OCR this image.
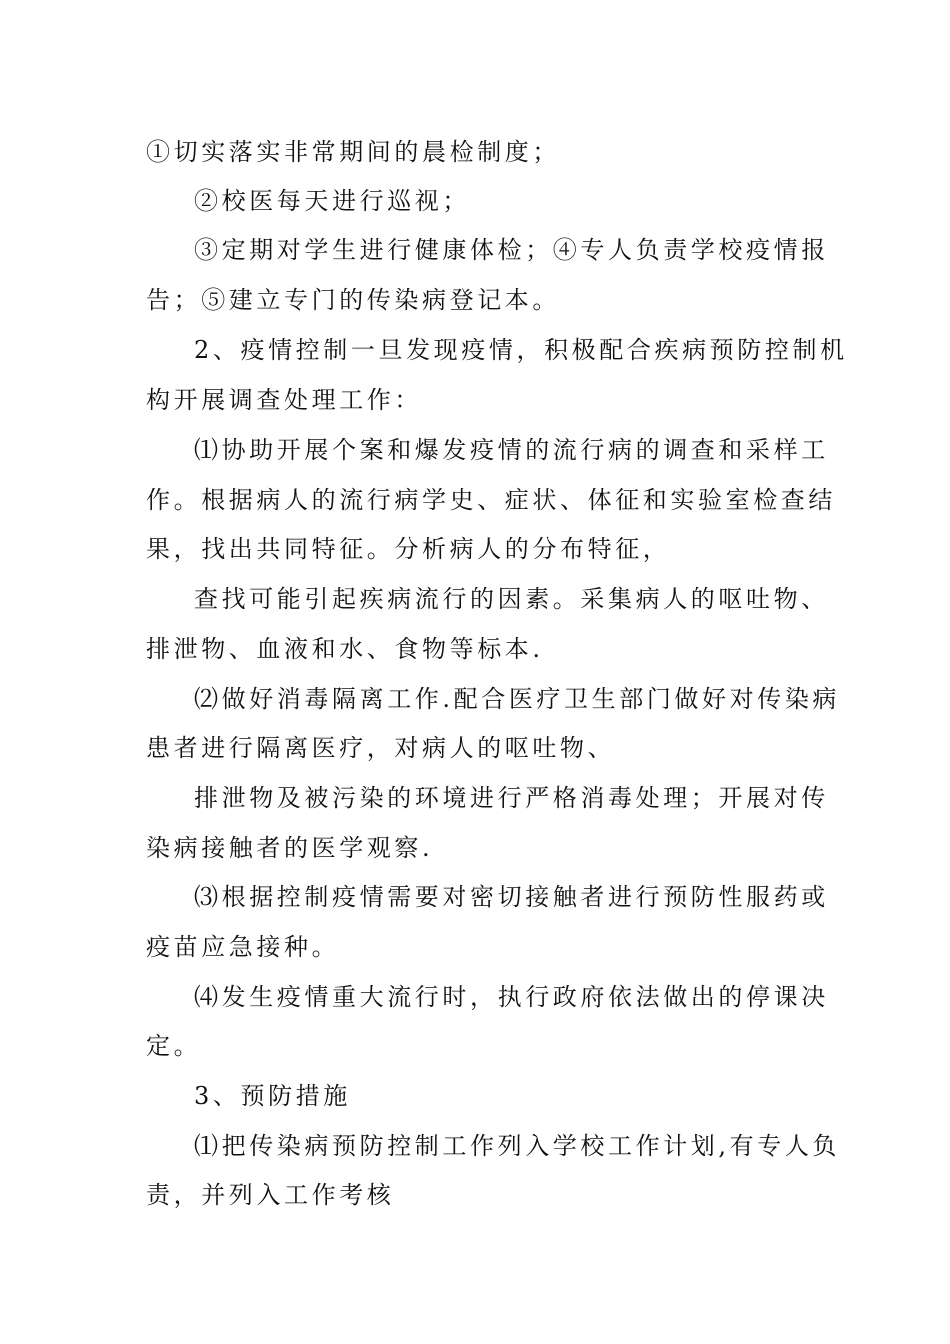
①切实落实非常期间的晨检制度；
②校医每天进行巡视；
③定期对学生进行健康体检；④专人负责学校疫情报
告；⑤建立专门的传染病登记本。
2、疫情控制一旦发现疫情，积极配合疾病预防控制机
构开展调查处理工作：
⑴协助开展个案和爆发疫情的流行病的调查和采样工
作。根据病人的流行病学史、症状、体征和实验室检查结
果，找出共同特征。分析病人的分布特征，
查找可能引起疾病流行的因素。采集病人的呕吐物、
排泄物、血液和水、食物等标本.
⑵做好消毒隔离工作.配合医疗卫生部门做好对传染病
患者进行隔离医疗，对病人的呕吐物、
排泄物及被污染的环境进行严格消毒处理；开展对传
染病接触者的医学观察.
⑶根据控制疫情需要对密切接触者进行预防性服药或
疫苗应急接种。
⑷发生疫情重大流行时，执行政府依法做出的停课决
定。
3、预防措施
⑴把传染病预防控制工作列入学校工作计划,有专人负
责，并列入工作考核
